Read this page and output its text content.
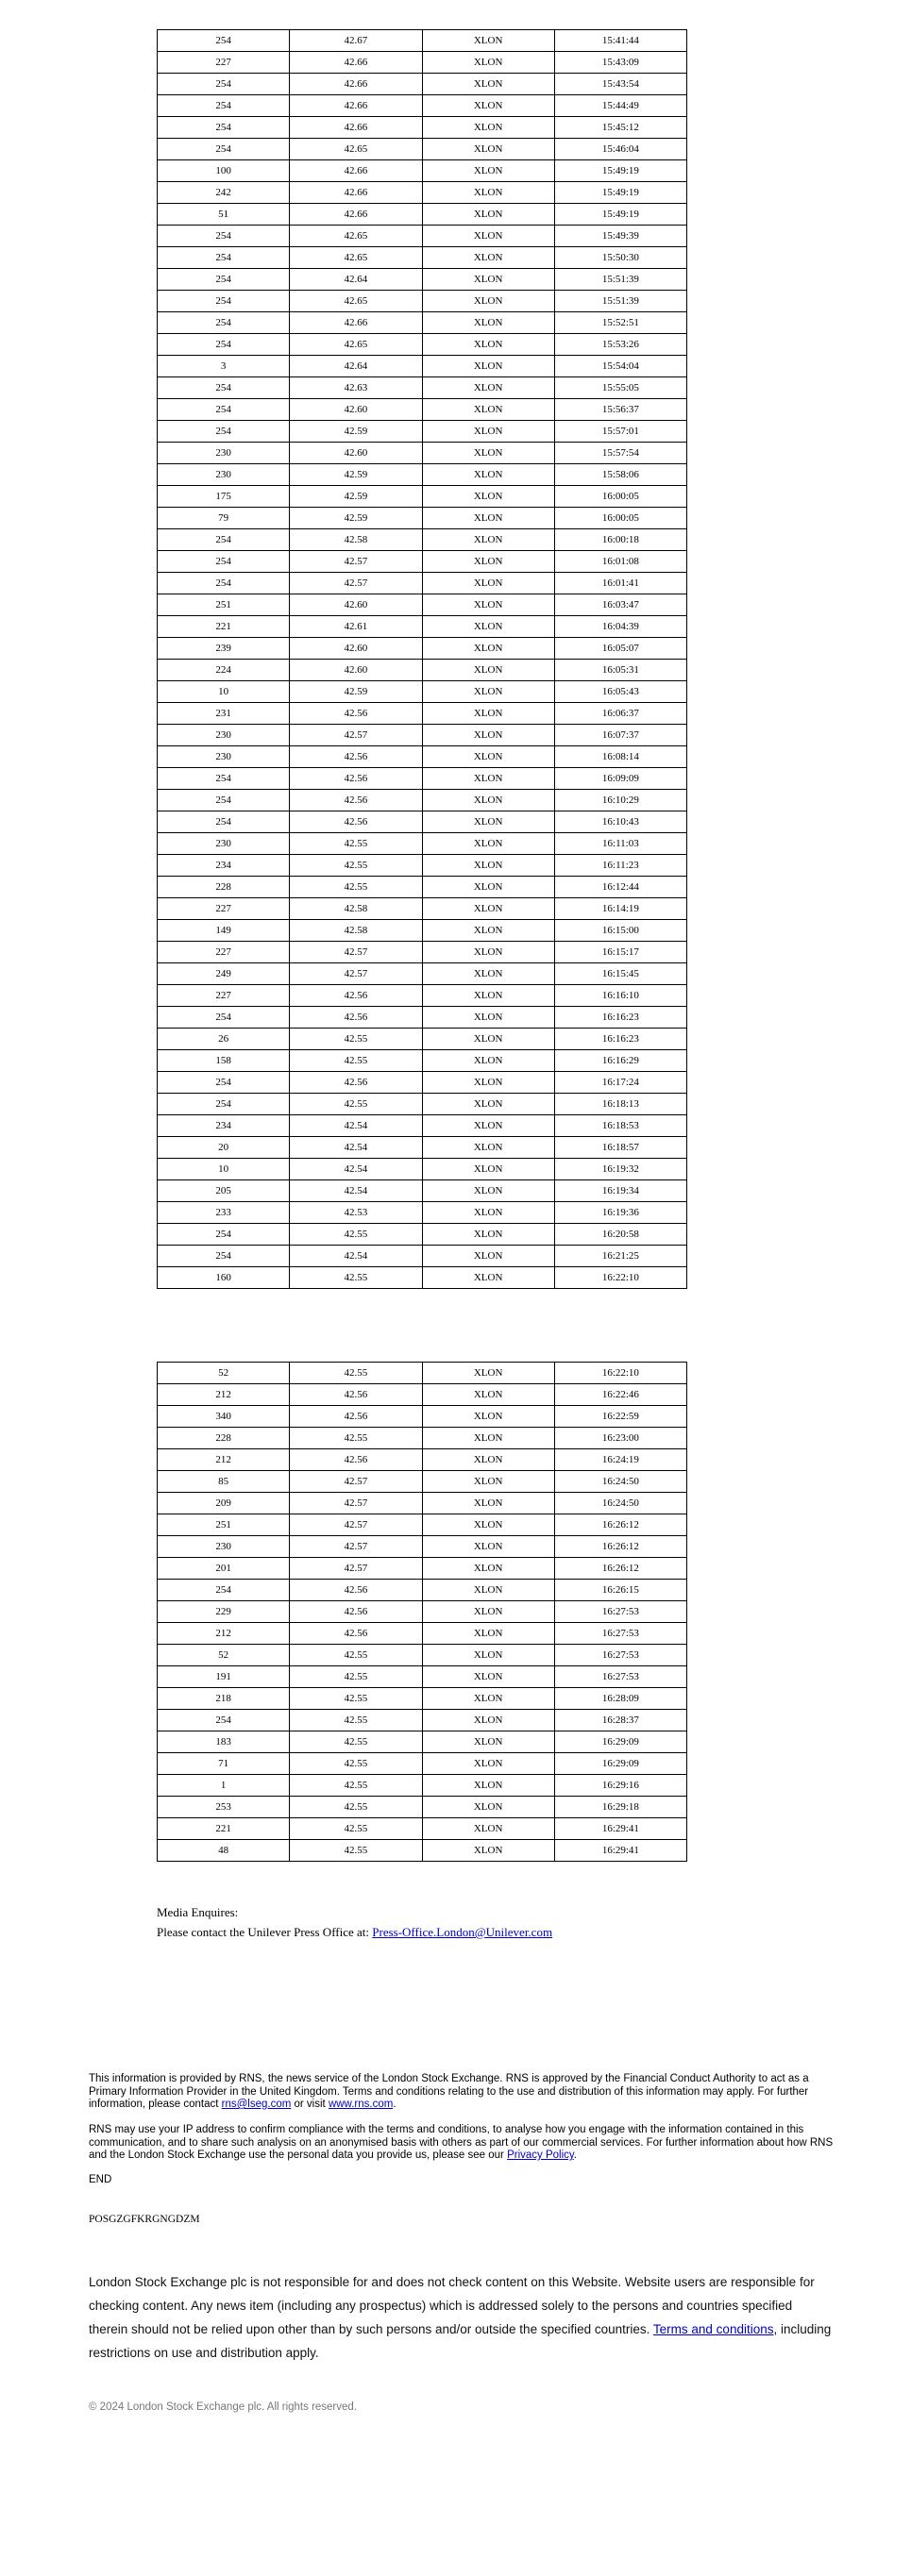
254	42.67	XLON	15:41:44
227	42.66	XLON	15:43:09
254	42.66	XLON	15:43:54
254	42.66	XLON	15:44:49
254	42.66	XLON	15:45:12
254	42.65	XLON	15:46:04
100	42.66	XLON	15:49:19
242	42.66	XLON	15:49:19
51	42.66	XLON	15:49:19
254	42.65	XLON	15:49:39
254	42.65	XLON	15:50:30
254	42.64	XLON	15:51:39
254	42.65	XLON	15:51:39
254	42.66	XLON	15:52:51
254	42.65	XLON	15:53:26
3	42.64	XLON	15:54:04
254	42.63	XLON	15:55:05
254	42.60	XLON	15:56:37
254	42.59	XLON	15:57:01
230	42.60	XLON	15:57:54
230	42.59	XLON	15:58:06
175	42.59	XLON	16:00:05
79	42.59	XLON	16:00:05
254	42.58	XLON	16:00:18
254	42.57	XLON	16:01:08
254	42.57	XLON	16:01:41
251	42.60	XLON	16:03:47
221	42.61	XLON	16:04:39
239	42.60	XLON	16:05:07
224	42.60	XLON	16:05:31
10	42.59	XLON	16:05:43
231	42.56	XLON	16:06:37
230	42.57	XLON	16:07:37
230	42.56	XLON	16:08:14
254	42.56	XLON	16:09:09
254	42.56	XLON	16:10:29
254	42.56	XLON	16:10:43
230	42.55	XLON	16:11:03
234	42.55	XLON	16:11:23
228	42.55	XLON	16:12:44
227	42.58	XLON	16:14:19
149	42.58	XLON	16:15:00
227	42.57	XLON	16:15:17
249	42.57	XLON	16:15:45
227	42.56	XLON	16:16:10
254	42.56	XLON	16:16:23
26	42.55	XLON	16:16:23
158	42.55	XLON	16:16:29
254	42.56	XLON	16:17:24
254	42.55	XLON	16:18:13
234	42.54	XLON	16:18:53
20	42.54	XLON	16:18:57
10	42.54	XLON	16:19:32
205	42.54	XLON	16:19:34
233	42.53	XLON	16:19:36
254	42.55	XLON	16:20:58
254	42.54	XLON	16:21:25
160	42.55	XLON	16:22:10
52	42.55	XLON	16:22:10
212	42.56	XLON	16:22:46
340	42.56	XLON	16:22:59
228	42.55	XLON	16:23:00
212	42.56	XLON	16:24:19
85	42.57	XLON	16:24:50
209	42.57	XLON	16:24:50
251	42.57	XLON	16:26:12
230	42.57	XLON	16:26:12
201	42.57	XLON	16:26:12
254	42.56	XLON	16:26:15
229	42.56	XLON	16:27:53
212	42.56	XLON	16:27:53
52	42.55	XLON	16:27:53
191	42.55	XLON	16:27:53
218	42.55	XLON	16:28:09
254	42.55	XLON	16:28:37
183	42.55	XLON	16:29:09
71	42.55	XLON	16:29:09
1	42.55	XLON	16:29:16
253	42.55	XLON	16:29:18
221	42.55	XLON	16:29:41
48	42.55	XLON	16:29:41
Media Enquires:
Please contact the Unilever Press Office at: Press-Office.London@Unilever.com
This information is provided by RNS, the news service of the London Stock Exchange. RNS is approved by the Financial Conduct Authority to act as a Primary Information Provider in the United Kingdom. Terms and conditions relating to the use and distribution of this information may apply. For further information, please contact rns@lseg.com or visit www.rns.com.
RNS may use your IP address to confirm compliance with the terms and conditions, to analyse how you engage with the information contained in this communication, and to share such analysis on an anonymised basis with others as part of our commercial services. For further information about how RNS and the London Stock Exchange use the personal data you provide us, please see our Privacy Policy.
END
POSGZGFKRGNGDZM
London Stock Exchange plc is not responsible for and does not check content on this Website. Website users are responsible for checking content. Any news item (including any prospectus) which is addressed solely to the persons and countries specified therein should not be relied upon other than by such persons and/or outside the specified countries. Terms and conditions, including restrictions on use and distribution apply.
© 2024 London Stock Exchange plc. All rights reserved.
